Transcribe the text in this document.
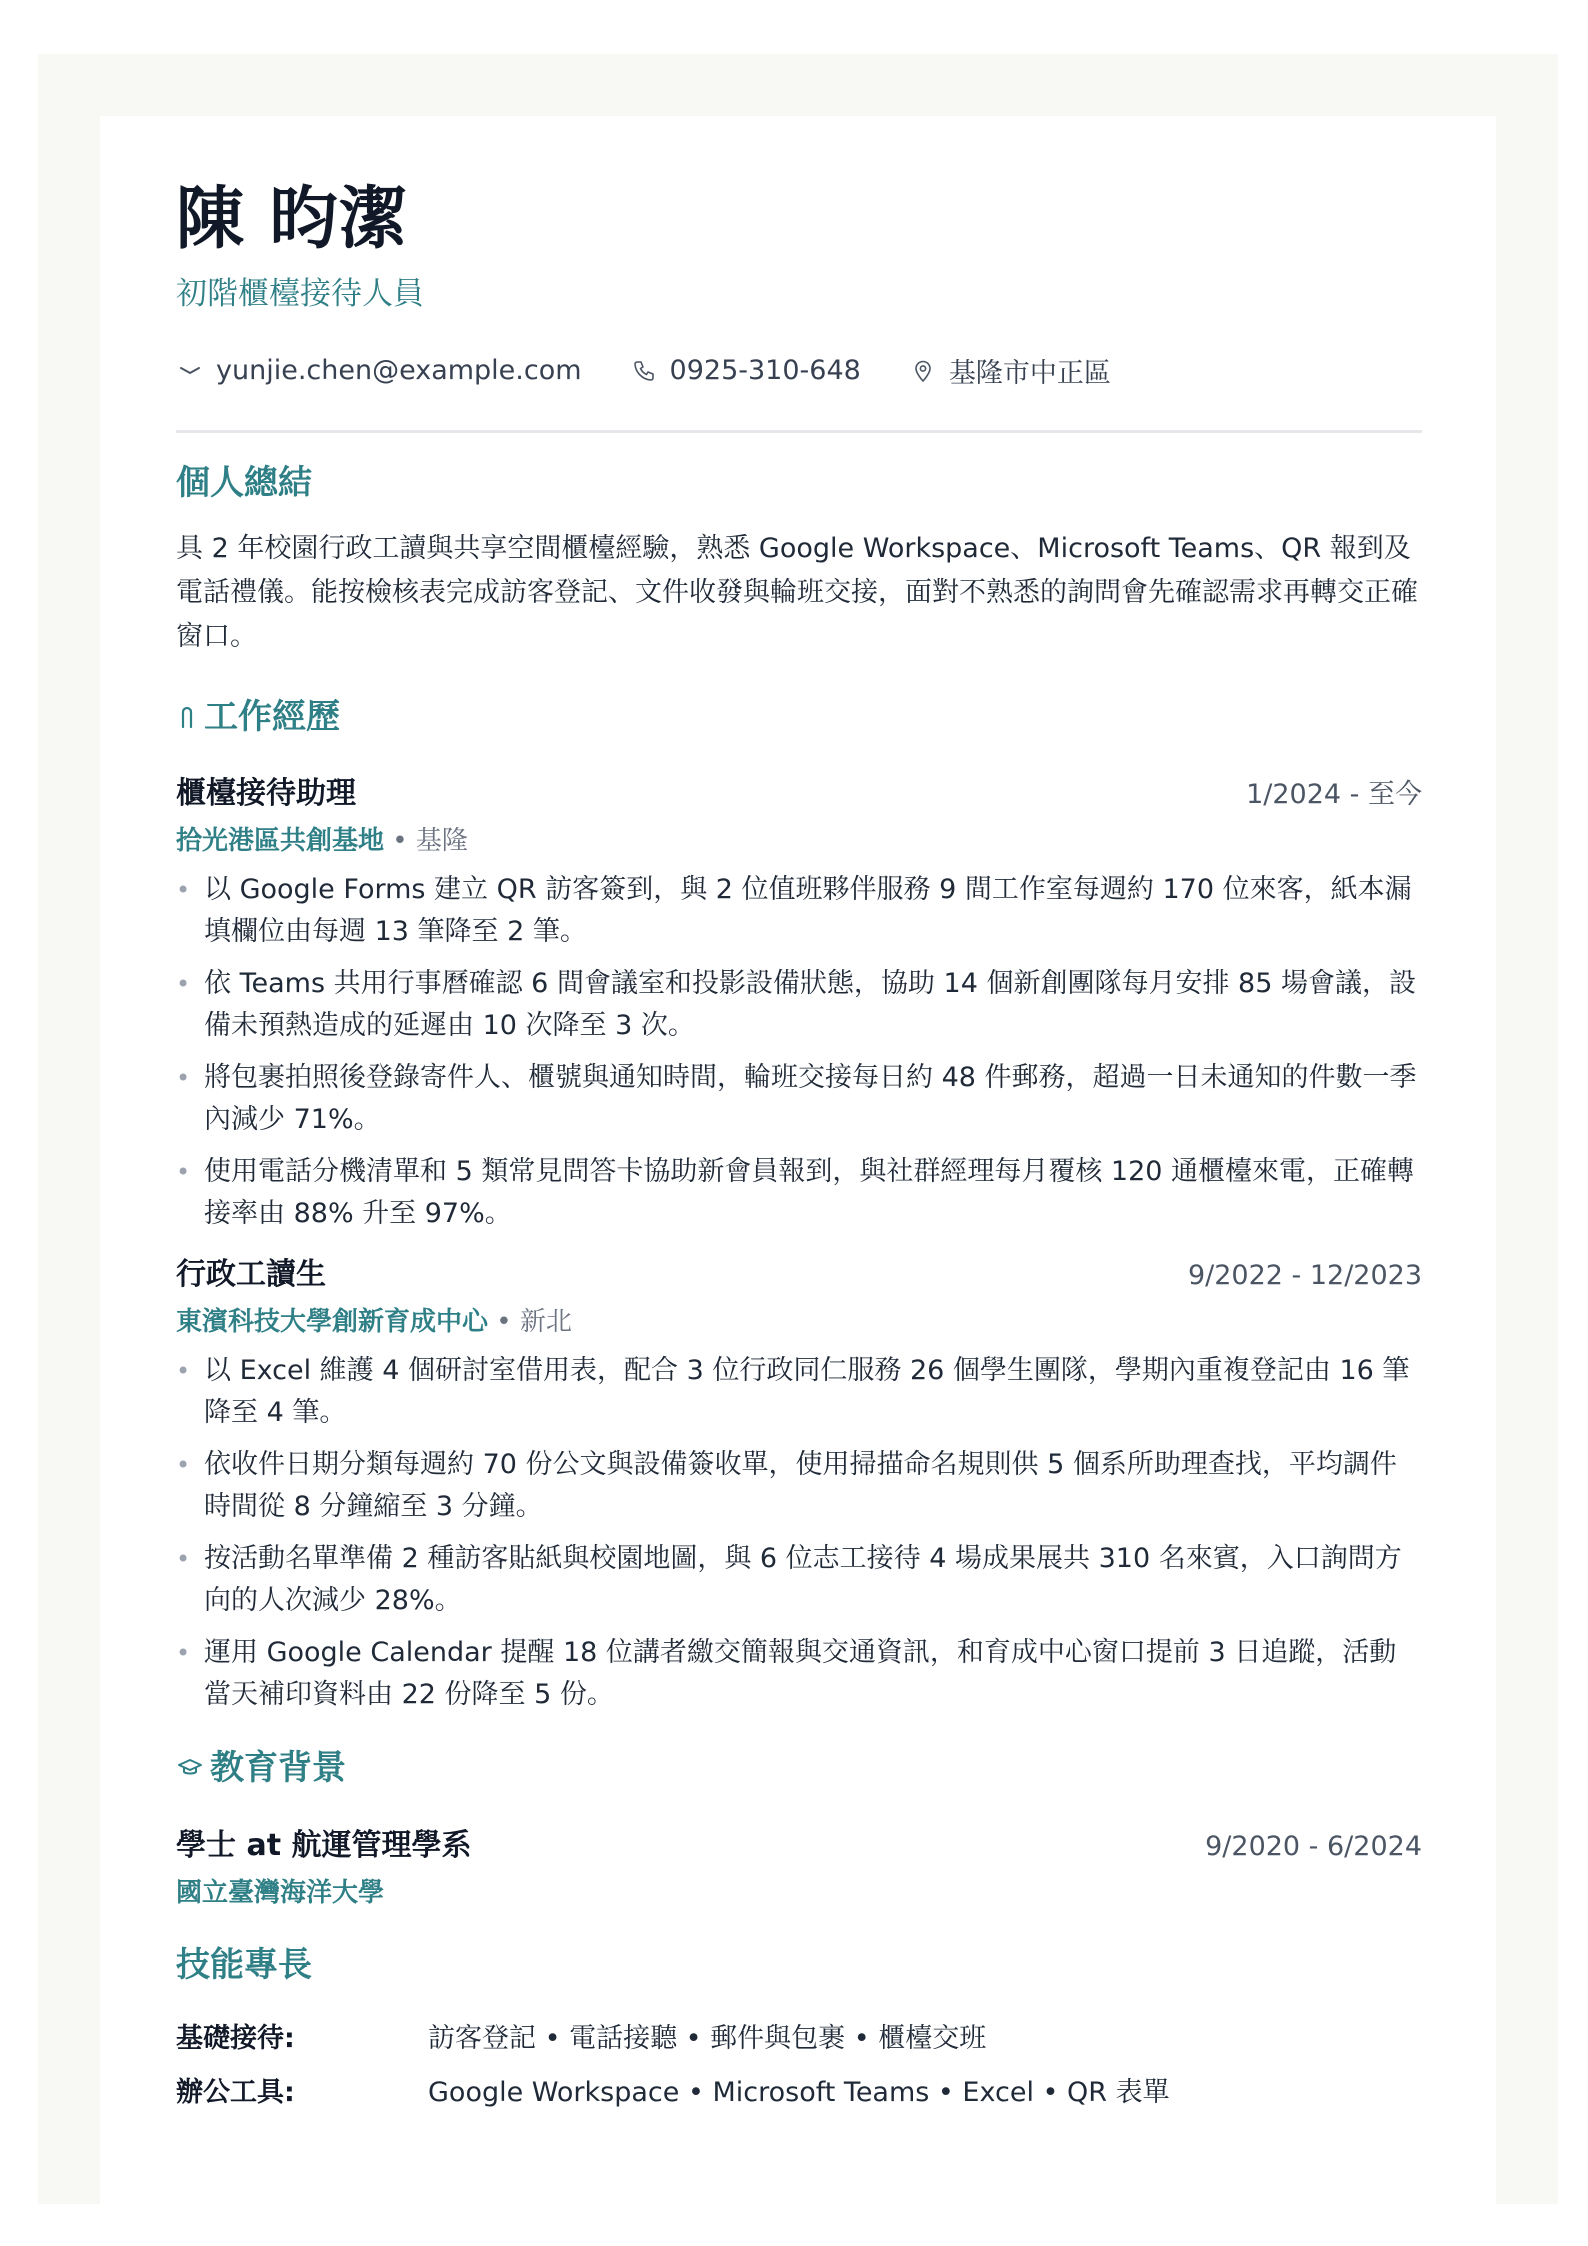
陳 昀潔
初階櫃檯接待人員
yunjie.chen@example.com	0925-310-648	基隆市中正區
個人總結
具 2 年校園行政工讀與共享空間櫃檯經驗，熟悉 Google Workspace、Microsoft Teams、QR 報到及電話禮儀。能按檢核表完成訪客登記、文件收發與輪班交接，面對不熟悉的詢問會先確認需求再轉交正確窗口。
工作經歷
櫃檯接待助理	1/2024 - 至今
拾光港區共創基地 • 基隆
• 以 Google Forms 建立 QR 訪客簽到，與 2 位值班夥伴服務 9 間工作室每週約 170 位來客，紙本漏填欄位由每週 13 筆降至 2 筆。
• 依 Teams 共用行事曆確認 6 間會議室和投影設備狀態，協助 14 個新創團隊每月安排 85 場會議，設備未預熱造成的延遲由 10 次降至 3 次。
• 將包裹拍照後登錄寄件人、櫃號與通知時間，輪班交接每日約 48 件郵務，超過一日未通知的件數一季內減少 71%。
• 使用電話分機清單和 5 類常見問答卡協助新會員報到，與社群經理每月覆核 120 通櫃檯來電，正確轉接率由 88% 升至 97%。
行政工讀生	9/2022 - 12/2023
東濱科技大學創新育成中心 • 新北
• 以 Excel 維護 4 個研討室借用表，配合 3 位行政同仁服務 26 個學生團隊，學期內重複登記由 16 筆降至 4 筆。
• 依收件日期分類每週約 70 份公文與設備簽收單，使用掃描命名規則供 5 個系所助理查找，平均調件時間從 8 分鐘縮至 3 分鐘。
• 按活動名單準備 2 種訪客貼紙與校園地圖，與 6 位志工接待 4 場成果展共 310 名來賓，入口詢問方向的人次減少 28%。
• 運用 Google Calendar 提醒 18 位講者繳交簡報與交通資訊，和育成中心窗口提前 3 日追蹤，活動當天補印資料由 22 份降至 5 份。
教育背景
學士 at 航運管理學系	9/2020 - 6/2024
國立臺灣海洋大學
技能專長
基礎接待:	訪客登記 • 電話接聽 • 郵件與包裹 • 櫃檯交班
辦公工具:	Google Workspace • Microsoft Teams • Excel • QR 表單
